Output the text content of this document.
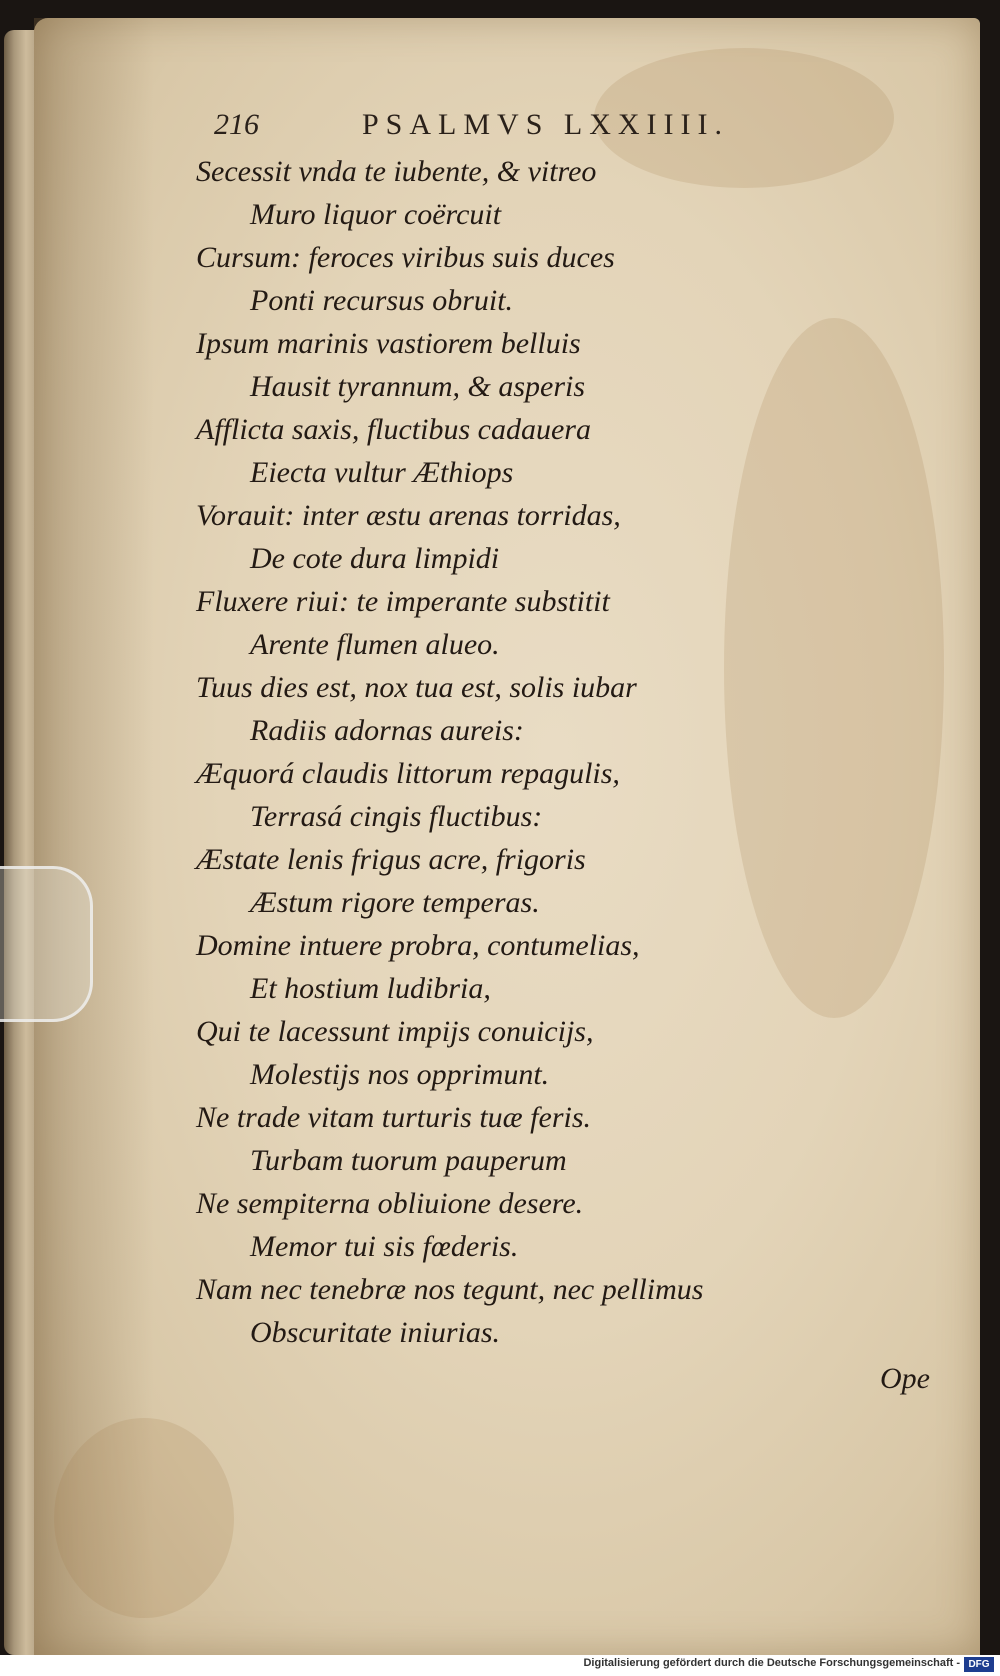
216	PSALMVS LXXIIII.
Secessit vnda te iubente, & vitreo
Muro liquor coërcuit
Cursum: feroces viribus suis duces
Ponti recursus obruit.
Ipsum marinis vastiorem belluis
Hausit tyrannum, & asperis
Afflicta saxis, fluctibus cadauera
Eiecta vultur Æthiops
Vorauit: inter æstu arenas torridas,
De cote dura limpidi
Fluxere riui: te imperante substitit
Arente flumen alueo.
Tuus dies est, nox tua est, solis iubar
Radiis adornas aureis:
Æquorá claudis littorum repagulis,
Terrasá cingis fluctibus:
Æstate lenis frigus acre, frigoris
Æstum rigore temperas.
Domine intuere probra, contumelias,
Et hostium ludibria,
Qui te lacessunt impijs conuicijs,
Molestijs nos opprimunt.
Ne trade vitam turturis tuæ feris.
Turbam tuorum pauperum
Ne sempiterna obliuione desere.
Memor tui sis fœderis.
Nam nec tenebræ nos tegunt, nec pellimus
Obscuritate iniurias.
Ope
Digitalisierung gefördert durch die Deutsche Forschungsgemeinschaft - DFG
